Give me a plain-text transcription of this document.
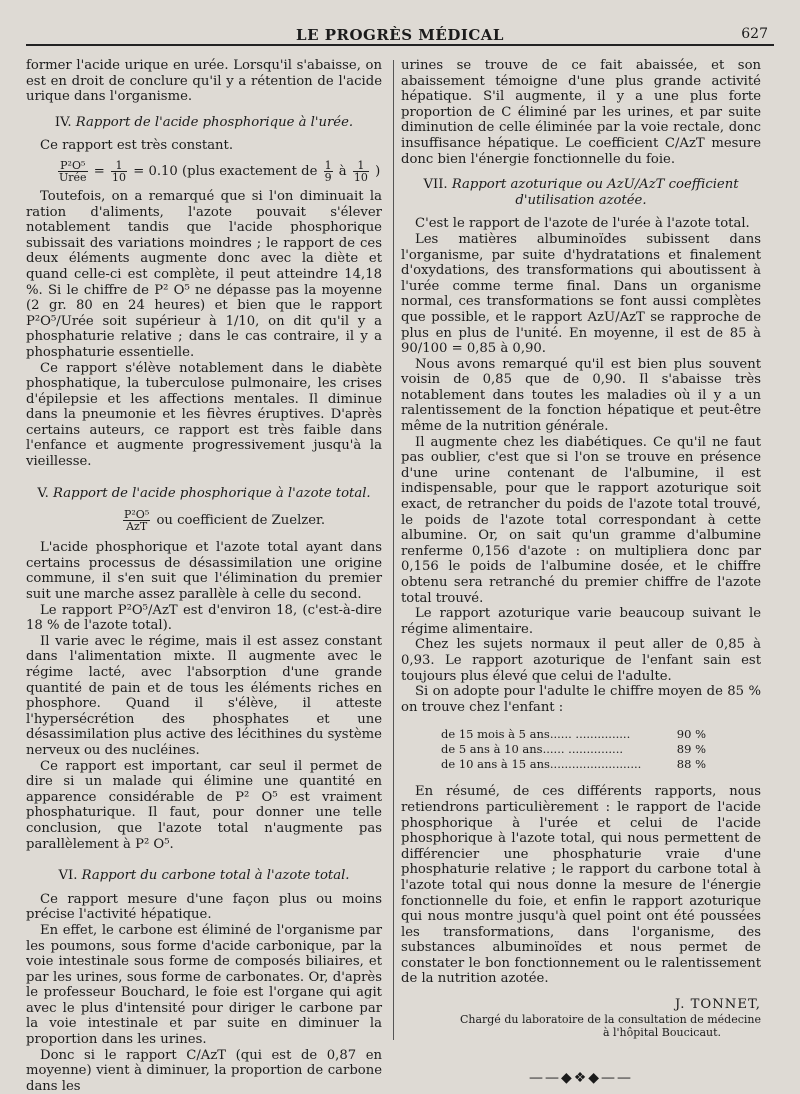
LE PROGRÈS MÉDICAL	627

former l'acide urique en urée. Lorsqu'il s'abaisse, on est en droit de conclure qu'il y a rétention de l'acide urique dans l'organisme.

IV. Rapport de l'acide phosphorique à l'urée.

Ce rapport est très constant.

$\frac{\text{P²O⁵}}{\text{Urée}} = \frac{1}{10} = 0.10$ (plus exactement de $\frac{1}{9}$ à $\frac{1}{10}$ )

Toutefois, on a remarqué que si l'on diminuait la ration d'aliments, l'azote pouvait s'élever notablement tandis que l'acide phosphorique subissait des variations moindres ; le rapport de ces deux éléments augmente donc avec la diète et quand celle-ci est complète, il peut atteindre 14,18 %. Si le chiffre de P² O⁵ ne dépasse pas la moyenne (2 gr. 80 en 24 heures) et bien que le rapport P²O⁵/Urée soit supérieur à 1/10, on dit qu'il y a phosphaturie relative ; dans le cas contraire, il y a phosphaturie essentielle.

Ce rapport s'élève notablement dans le diabète phosphatique, la tuberculose pulmonaire, les crises d'épilepsie et les affections mentales. Il diminue dans la pneumonie et les fièvres éruptives. D'après certains auteurs, ce rapport est très faible dans l'enfance et augmente progressivement jusqu'à la vieillesse.

V. Rapport de l'acide phosphorique à l'azote total.
$\frac{\text{P²O⁵}}{\text{AzT}}$ ou coefficient de Zuelzer.

L'acide phosphorique et l'azote total ayant dans certains processus de désassimilation une origine commune, il s'en suit que l'élimination du premier suit une marche assez parallèle à celle du second.

Le rapport P²O⁵/AzT est d'environ 18, (c'est-à-dire 18 % de l'azote total).

Il varie avec le régime, mais il est assez constant dans l'alimentation mixte. Il augmente avec le régime lacté, avec l'absorption d'une grande quantité de pain et de tous les éléments riches en phosphore. Quand il s'élève, il atteste l'hypersécrétion des phosphates et une désassimilation plus active des lécithines du système nerveux ou des nucléines.

Ce rapport est important, car seul il permet de dire si un malade qui élimine une quantité en apparence considérable de P² O⁵ est vraiment phosphaturique. Il faut, pour donner une telle conclusion, que l'azote total n'augmente pas parallèlement à P² O⁵.

VI. Rapport du carbone total à l'azote total.

Ce rapport mesure d'une façon plus ou moins précise l'activité hépatique.

En effet, le carbone est éliminé de l'organisme par les poumons, sous forme d'acide carbonique, par la voie intestinale sous forme de composés biliaires, et par les urines, sous forme de carbonates. Or, d'après le professeur Bouchard, le foie est l'organe qui agit avec le plus d'intensité pour diriger le carbone par la voie intestinale et par suite en diminuer la proportion dans les urines.

Donc si le rapport C/AzT (qui est de 0,87 en moyenne) vient à diminuer, la proportion de carbone dans les

urines se trouve de ce fait abaissée, et son abaissement témoigne d'une plus grande activité hépatique. S'il augmente, il y a une plus forte proportion de C éliminé par les urines, et par suite diminution de celle éliminée par la voie rectale, donc insuffisance hépatique. Le coefficient C/AzT mesure donc bien l'énergie fonctionnelle du foie.

VII. Rapport azoturique ou AzU/AzT coefficient d'utilisation azotée.

C'est le rapport de l'azote de l'urée à l'azote total.

Les matières albuminoïdes subissent dans l'organisme, par suite d'hydratations et finalement d'oxydations, des transformations qui aboutissent à l'urée comme terme final. Dans un organisme normal, ces transformations se font aussi complètes que possible, et le rapport AzU/AzT se rapproche de plus en plus de l'unité. En moyenne, il est de 85 à 90/100 = 0,85 à 0,90.

Nous avons remarqué qu'il est bien plus souvent voisin de 0,85 que de 0,90. Il s'abaisse très notablement dans toutes les maladies où il y a un ralentissement de la fonction hépatique et peut-être même de la nutrition générale.

Il augmente chez les diabétiques. Ce qu'il ne faut pas oublier, c'est que si l'on se trouve en présence d'une urine contenant de l'albumine, il est indispensable, pour que le rapport azoturique soit exact, de retrancher du poids de l'azote total trouvé, le poids de l'azote total correspondant à cette albumine. Or, on sait qu'un gramme d'albumine renferme 0,156 d'azote : on multipliera donc par 0,156 le poids de l'albumine dosée, et le chiffre obtenu sera retranché du premier chiffre de l'azote total trouvé.

Le rapport azoturique varie beaucoup suivant le régime alimentaire.

Chez les sujets normaux il peut aller de 0,85 à 0,93. Le rapport azoturique de l'enfant sain est toujours plus élevé que celui de l'adulte.

Si on adopte pour l'adulte le chiffre moyen de 85 % on trouve chez l'enfant :

de 15 mois à 5 ans...... ...............	90 %
de 5 ans à 10 ans...... ...............	89 %
de 10 ans à 15 ans.........................	88 %

En résumé, de ces différents rapports, nous retiendrons particulièrement : le rapport de l'acide phosphorique à l'urée et celui de l'acide phosphorique à l'azote total, qui nous permettent de différencier une phosphaturie vraie d'une phosphaturie relative ; le rapport du carbone total à l'azote total qui nous donne la mesure de l'énergie fonctionnelle du foie, et enfin le rapport azoturique qui nous montre jusqu'à quel point ont été poussées les transformations, dans l'organisme, des substances albuminoïdes et nous permet de constater le bon fonctionnement ou le ralentissement de la nutrition azotée.

J. TONNET,
Chargé du laboratoire de la consultation de médecine
à l'hôpital Boucicaut.
——◆❖◆——
